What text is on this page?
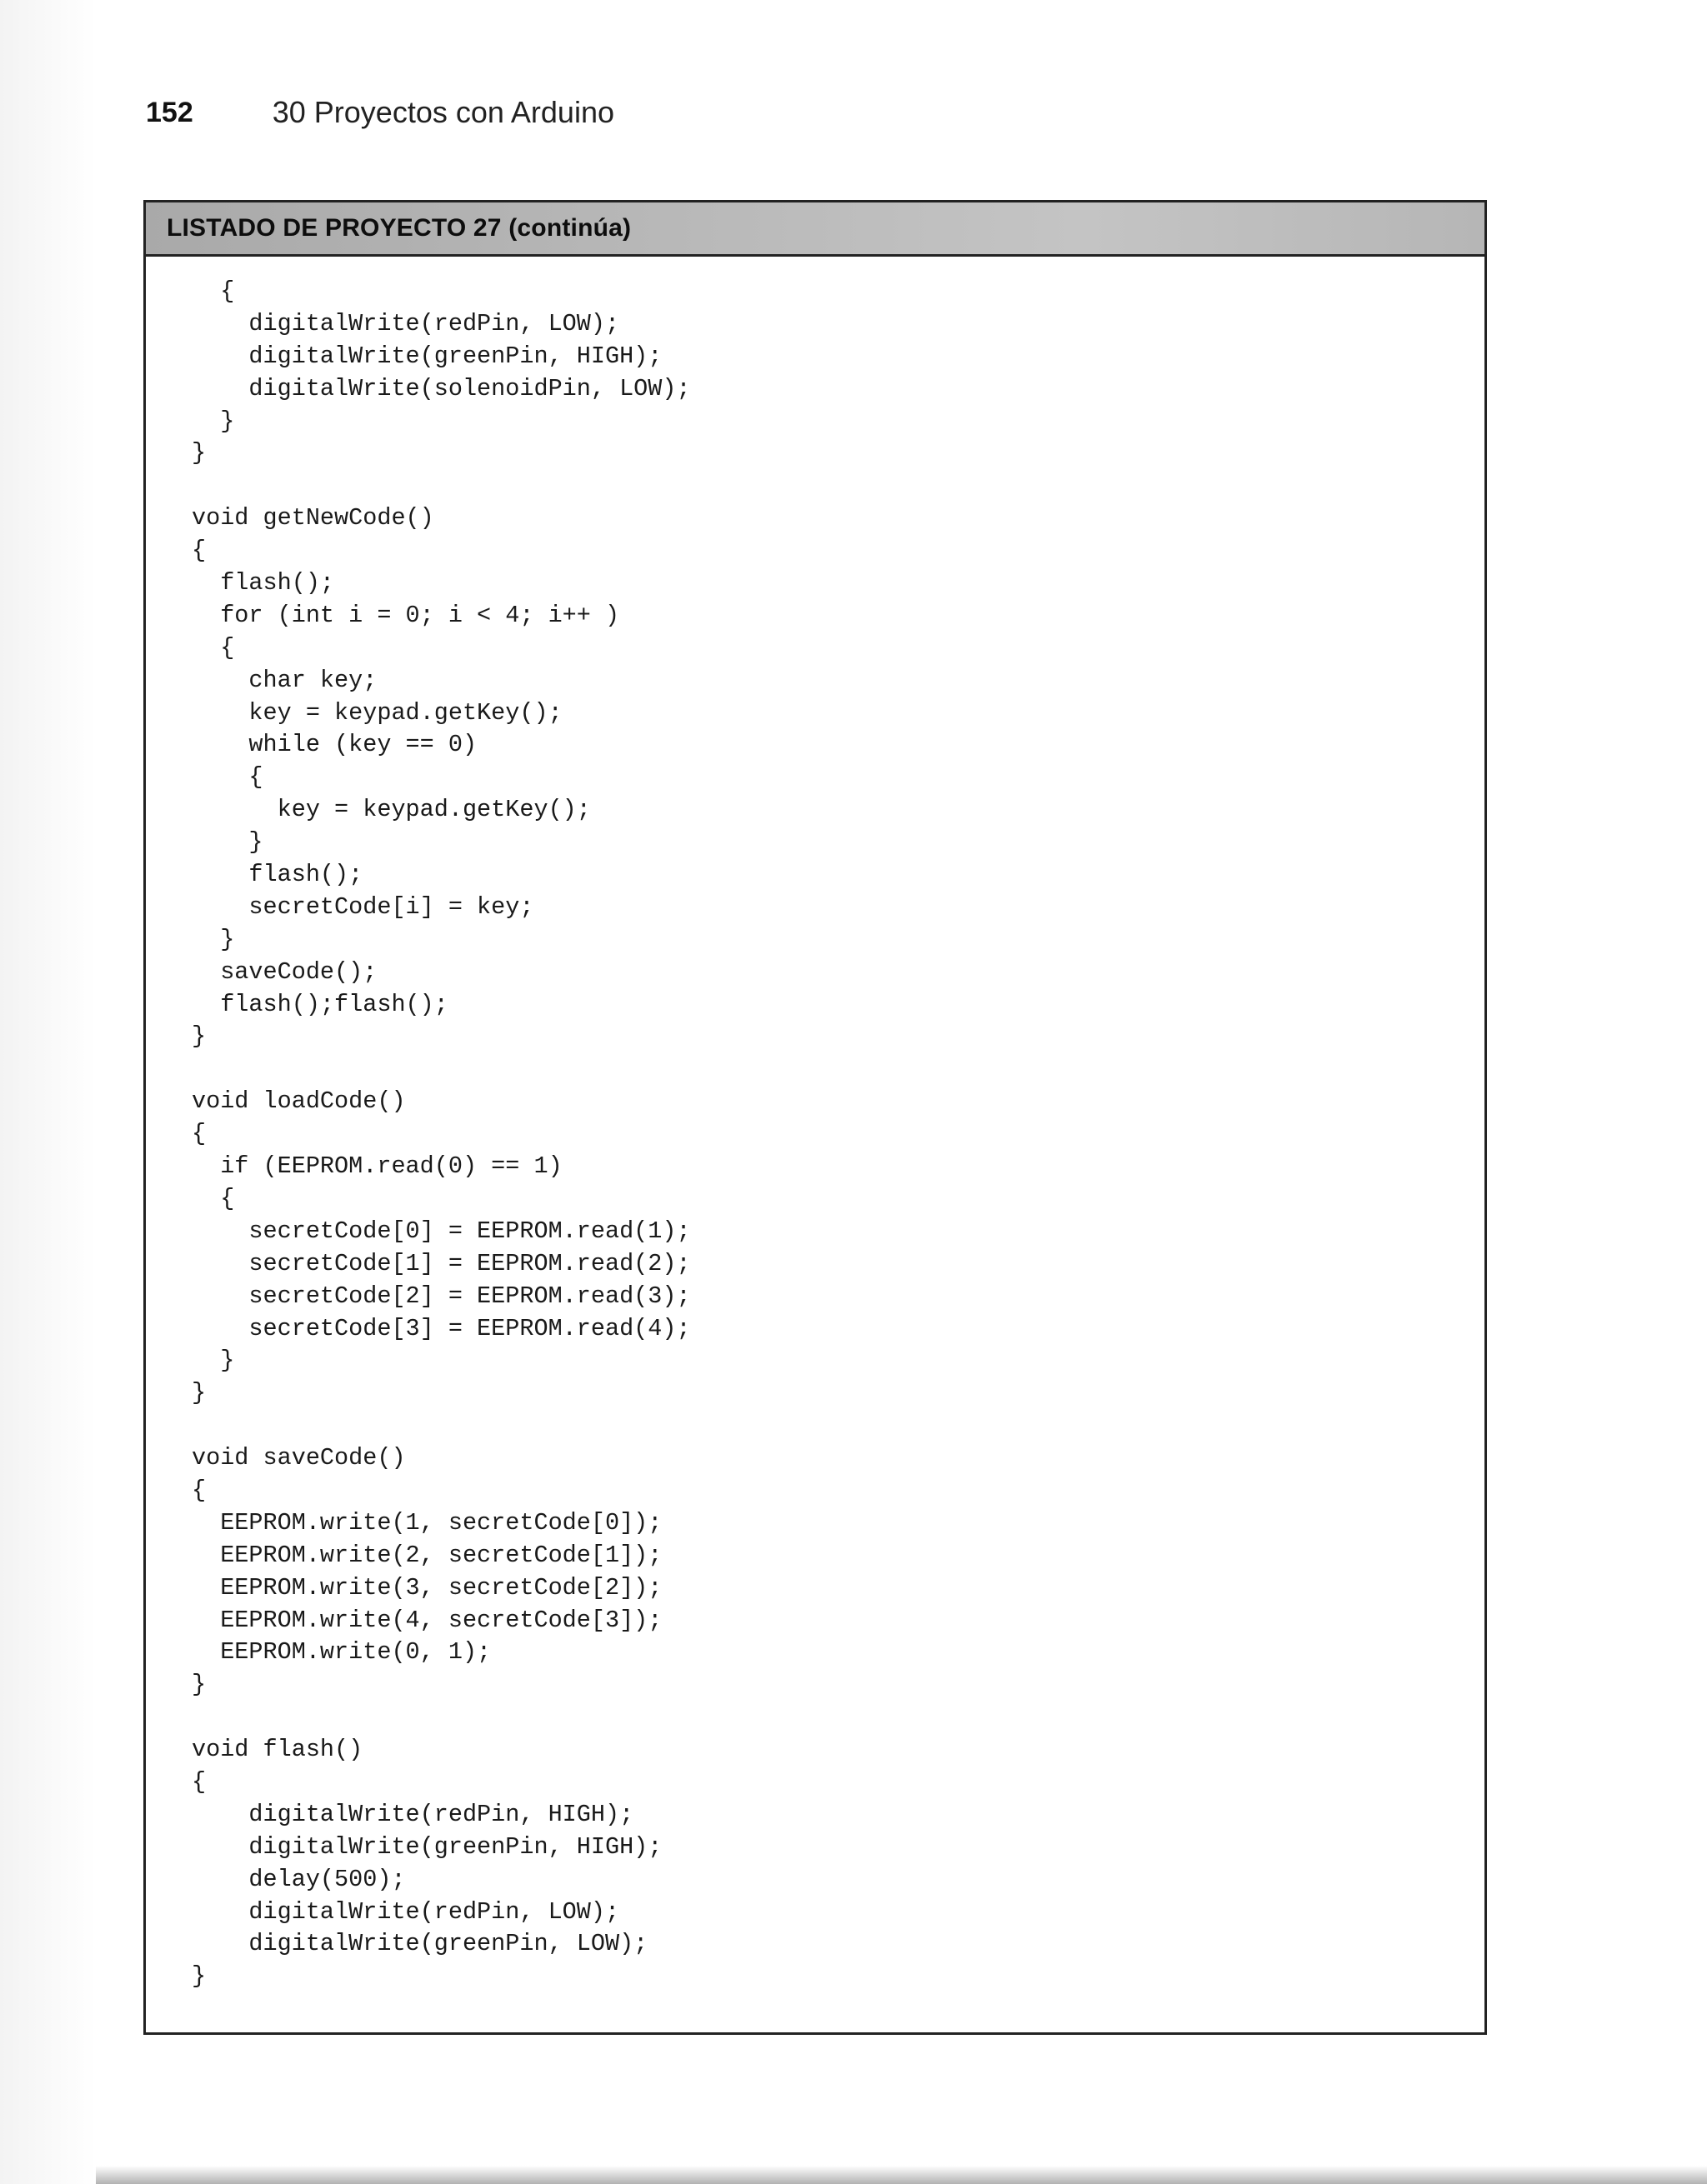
152	30 Proyectos con Arduino
LISTADO DE PROYECTO 27 (continúa)
{
digitalWrite(redPin, LOW);
digitalWrite(greenPin, HIGH);
digitalWrite(solenoidPin, LOW);
}
}
void getNewCode()
{
flash();
for (int i = 0; i < 4; i++ )
{
char key;
key = keypad.getKey();
while (key == 0)
{
key = keypad.getKey();
}
flash();
secretCode[i] = key;
}
saveCode();
flash();flash();
}
void loadCode()
{
if (EEPROM.read(0) == 1)
{
secretCode[0] = EEPROM.read(1);
secretCode[1] = EEPROM.read(2);
secretCode[2] = EEPROM.read(3);
secretCode[3] = EEPROM.read(4);
}
}
void saveCode()
{
EEPROM.write(1, secretCode[0]);
EEPROM.write(2, secretCode[1]);
EEPROM.write(3, secretCode[2]);
EEPROM.write(4, secretCode[3]);
EEPROM.write(0, 1);
}
void flash()
{
digitalWrite(redPin, HIGH);
digitalWrite(greenPin, HIGH);
delay(500);
digitalWrite(redPin, LOW);
digitalWrite(greenPin, LOW);
}
